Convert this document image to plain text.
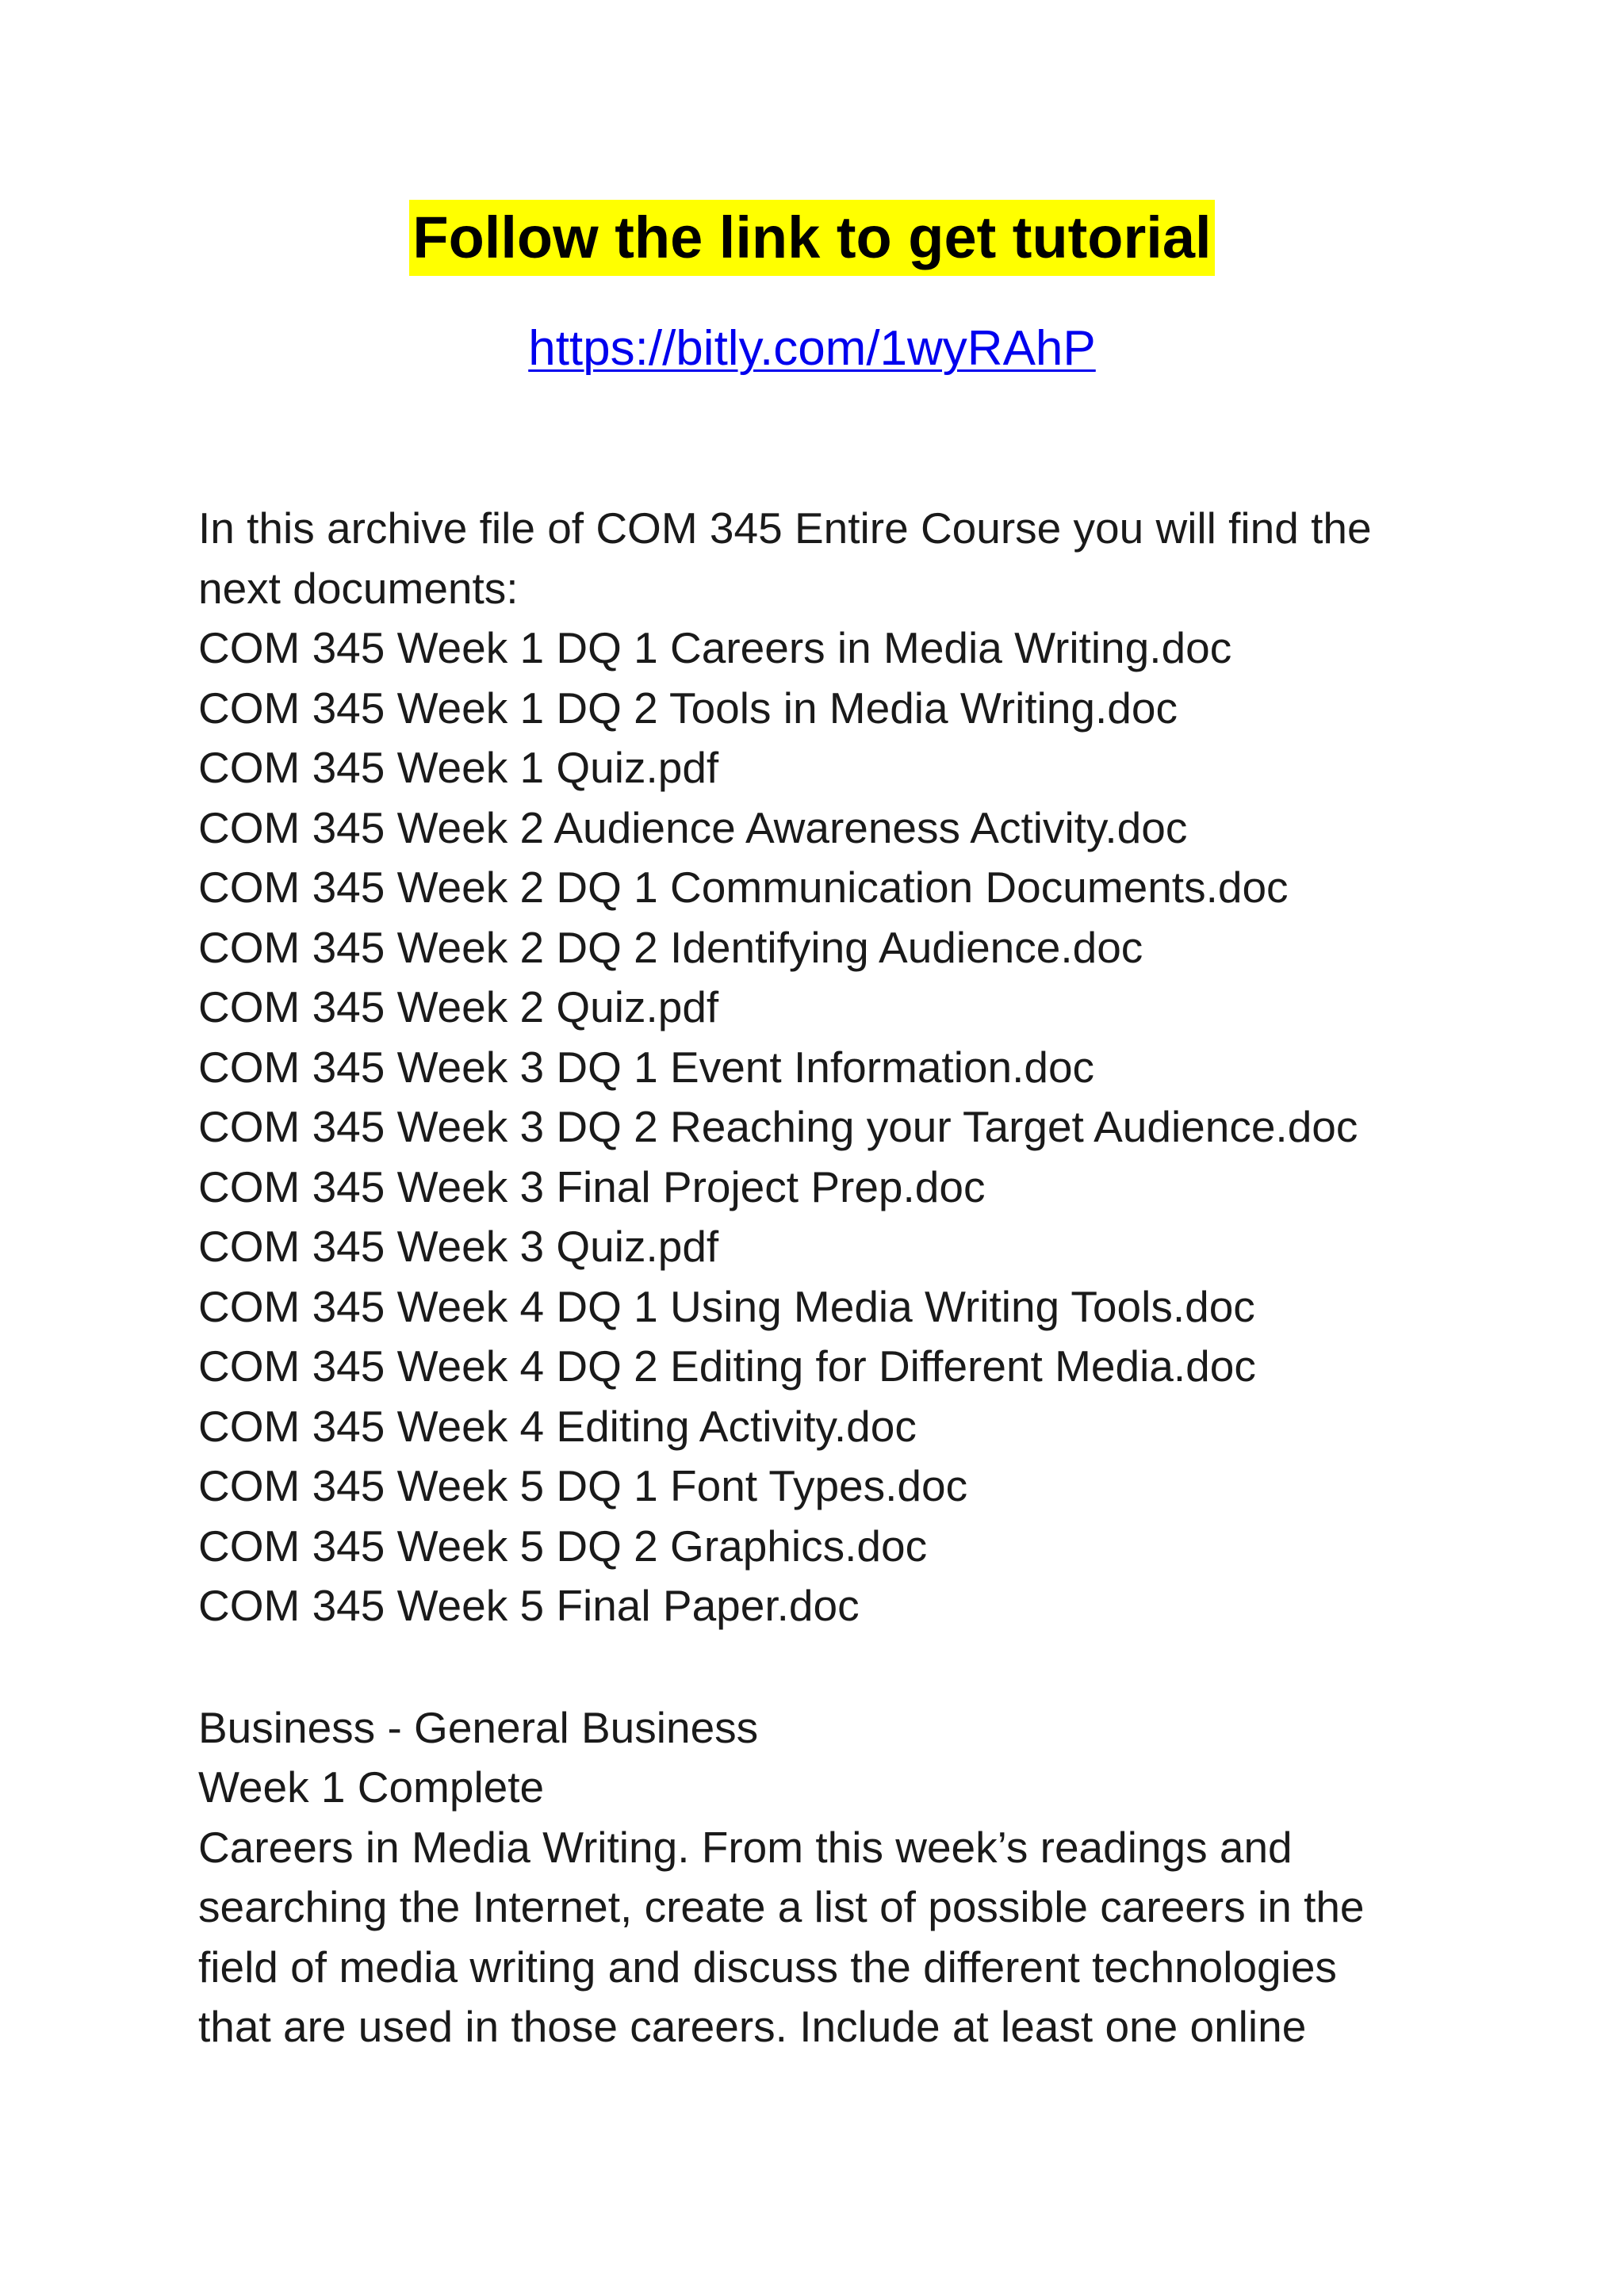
Follow the link to get tutorial
https://bitly.com/1wyRAhP
In this archive file of COM 345 Entire Course you will find the
next documents:
COM 345 Week 1 DQ 1 Careers in Media Writing.doc
COM 345 Week 1 DQ 2 Tools in Media Writing.doc
COM 345 Week 1 Quiz.pdf
COM 345 Week 2 Audience Awareness Activity.doc
COM 345 Week 2 DQ 1 Communication Documents.doc
COM 345 Week 2 DQ 2 Identifying Audience.doc
COM 345 Week 2 Quiz.pdf
COM 345 Week 3 DQ 1 Event Information.doc
COM 345 Week 3 DQ 2 Reaching your Target Audience.doc
COM 345 Week 3 Final Project Prep.doc
COM 345 Week 3 Quiz.pdf
COM 345 Week 4 DQ 1 Using Media Writing Tools.doc
COM 345 Week 4 DQ 2 Editing for Different Media.doc
COM 345 Week 4 Editing Activity.doc
COM 345 Week 5 DQ 1 Font Types.doc
COM 345 Week 5 DQ 2 Graphics.doc
COM 345 Week 5 Final Paper.doc
Business - General Business
Week 1 Complete
Careers in Media Writing. From this week’s readings and
searching the Internet, create a list of possible careers in the
field of media writing and discuss the different technologies
that are used in those careers. Include at least one online
